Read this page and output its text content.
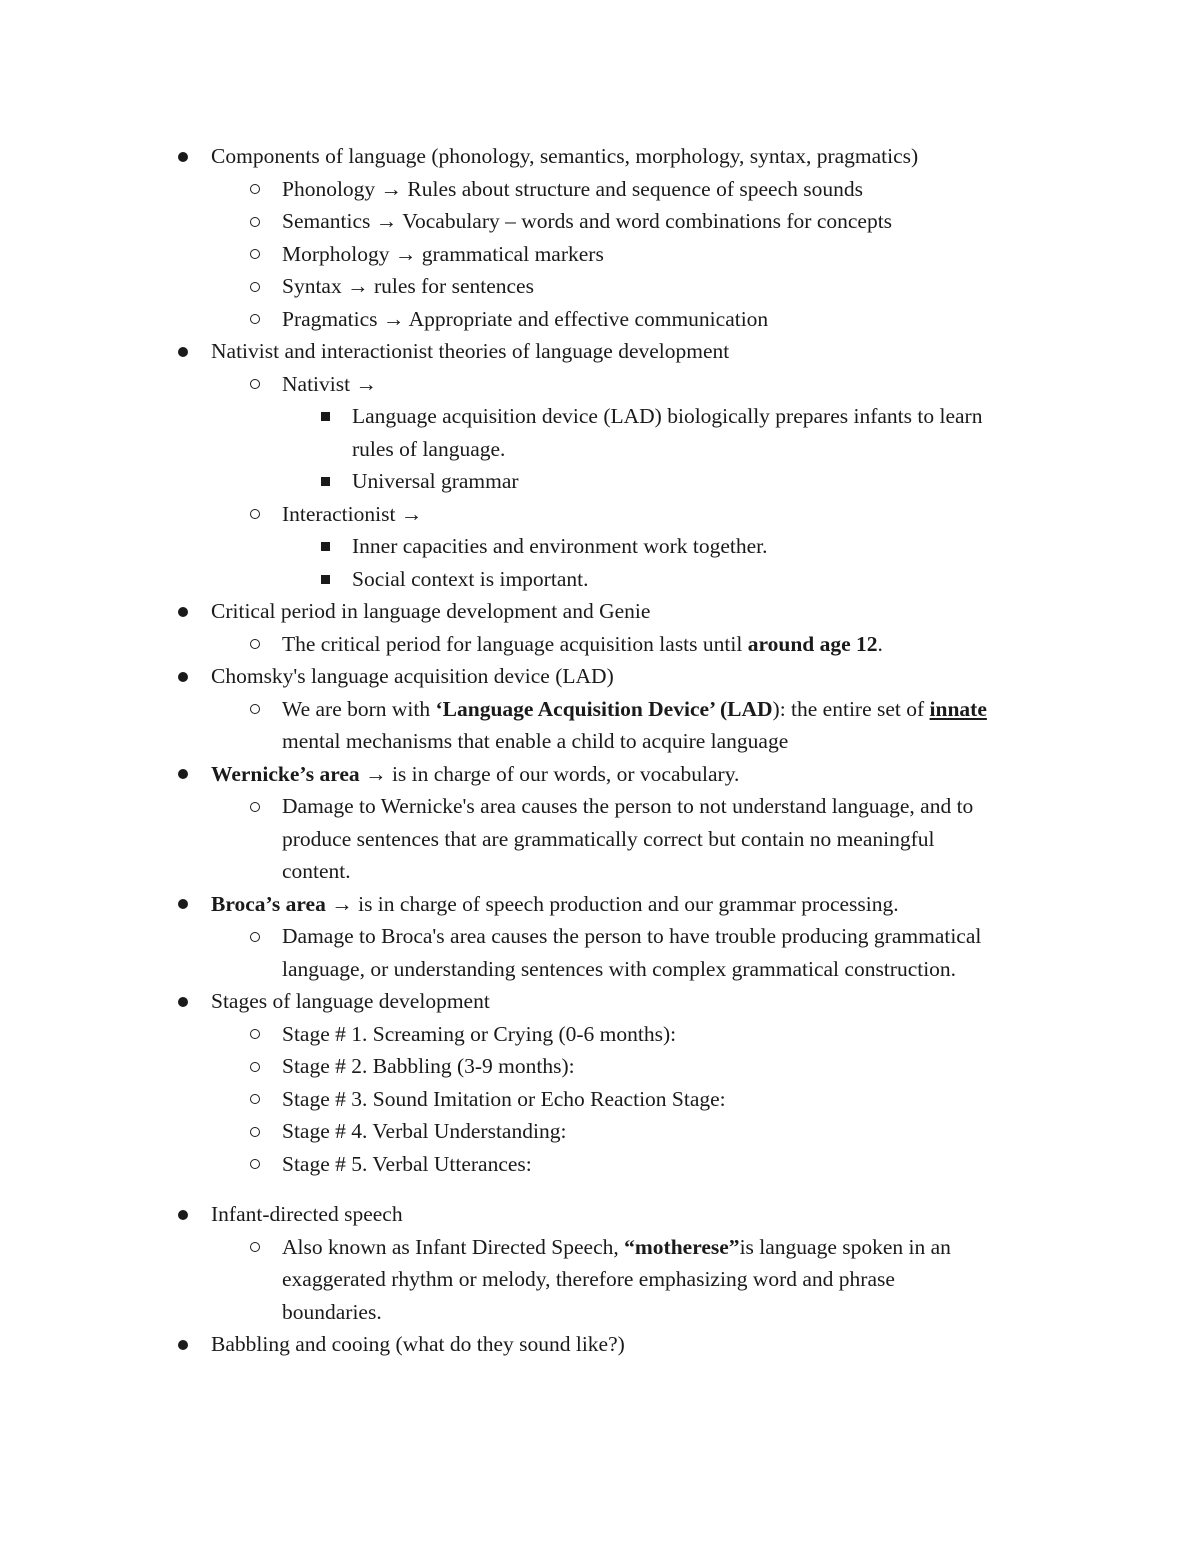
Components of language (phonology, semantics, morphology, syntax, pragmatics)
Phonology → Rules about structure and sequence of speech sounds
Semantics → Vocabulary – words and word combinations for concepts
Morphology → grammatical markers
Syntax → rules for sentences
Pragmatics → Appropriate and effective communication
Nativist and interactionist theories of language development
Nativist →
Language acquisition device (LAD) biologically prepares infants to learn
rules of language.
Universal grammar
Interactionist →
Inner capacities and environment work together.
Social context is important.
Critical period in language development and Genie
The critical period for language acquisition lasts until around age 12.
Chomsky's language acquisition device (LAD)
We are born with ‘Language Acquisition Device’ (LAD): the entire set of innate
mental mechanisms that enable a child to acquire language
Wernicke’s area → is in charge of our words, or vocabulary.
Damage to Wernicke's area causes the person to not understand language, and to
produce sentences that are grammatically correct but contain no meaningful
content.
Broca’s area → is in charge of speech production and our grammar processing.
Damage to Broca's area causes the person to have trouble producing grammatical
language, or understanding sentences with complex grammatical construction.
Stages of language development
Stage # 1. Screaming or Crying (0-6 months):
Stage # 2. Babbling (3-9 months):
Stage # 3. Sound Imitation or Echo Reaction Stage:
Stage # 4. Verbal Understanding:
Stage # 5. Verbal Utterances:
Infant-directed speech
Also known as Infant Directed Speech, “motherese”is language spoken in an
exaggerated rhythm or melody, therefore emphasizing word and phrase
boundaries.
Babbling and cooing (what do they sound like?)
